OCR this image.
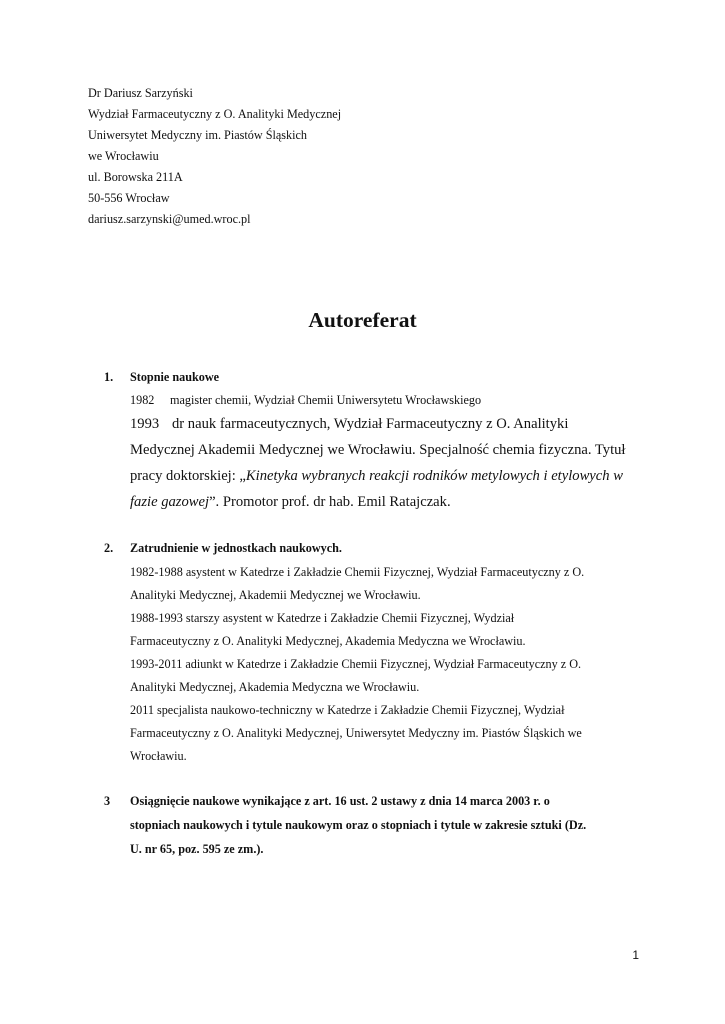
Dr Dariusz Sarzyński
Wydział Farmaceutyczny z O. Analityki Medycznej
Uniwersytet Medyczny im. Piastów Śląskich
we Wrocławiu
ul. Borowska 211A
50-556 Wrocław
dariusz.sarzynski@umed.wroc.pl
Autoreferat
1. Stopnie naukowe
1982 magister chemii, Wydział Chemii Uniwersytetu Wrocławskiego
1993 dr nauk farmaceutycznych, Wydział Farmaceutyczny z O. Analityki
Medycznej Akademii Medycznej we Wrocławiu. Specjalność chemia fizyczna. Tytuł
pracy doktorskiej: „Kinetyka wybranych reakcji rodników metylowych i etylowych w
fazie gazowej”. Promotor prof. dr hab. Emil Ratajczak.
2. Zatrudnienie w jednostkach naukowych.
1982-1988 asystent w Katedrze i Zakładzie Chemii Fizycznej, Wydział Farmaceutyczny z O.
Analityki Medycznej, Akademii Medycznej we Wrocławiu.
1988-1993 starszy asystent w Katedrze i Zakładzie Chemii Fizycznej, Wydział
Farmaceutyczny z O. Analityki Medycznej, Akademia Medyczna we Wrocławiu.
1993-2011 adiunkt w Katedrze i Zakładzie Chemii Fizycznej, Wydział Farmaceutyczny z O.
Analityki Medycznej, Akademia Medyczna we Wrocławiu.
2011 specjalista naukowo-techniczny w Katedrze i Zakładzie Chemii Fizycznej, Wydział
Farmaceutyczny z O. Analityki Medycznej, Uniwersytet Medyczny im. Piastów Śląskich we
Wrocławiu.
3 Osiągnięcie naukowe wynikające z art. 16 ust. 2 ustawy z dnia 14 marca 2003 r. o
stopniach naukowych i tytule naukowym oraz o stopniach i tytule w zakresie sztuki (Dz.
U. nr 65, poz. 595 ze zm.).
1
